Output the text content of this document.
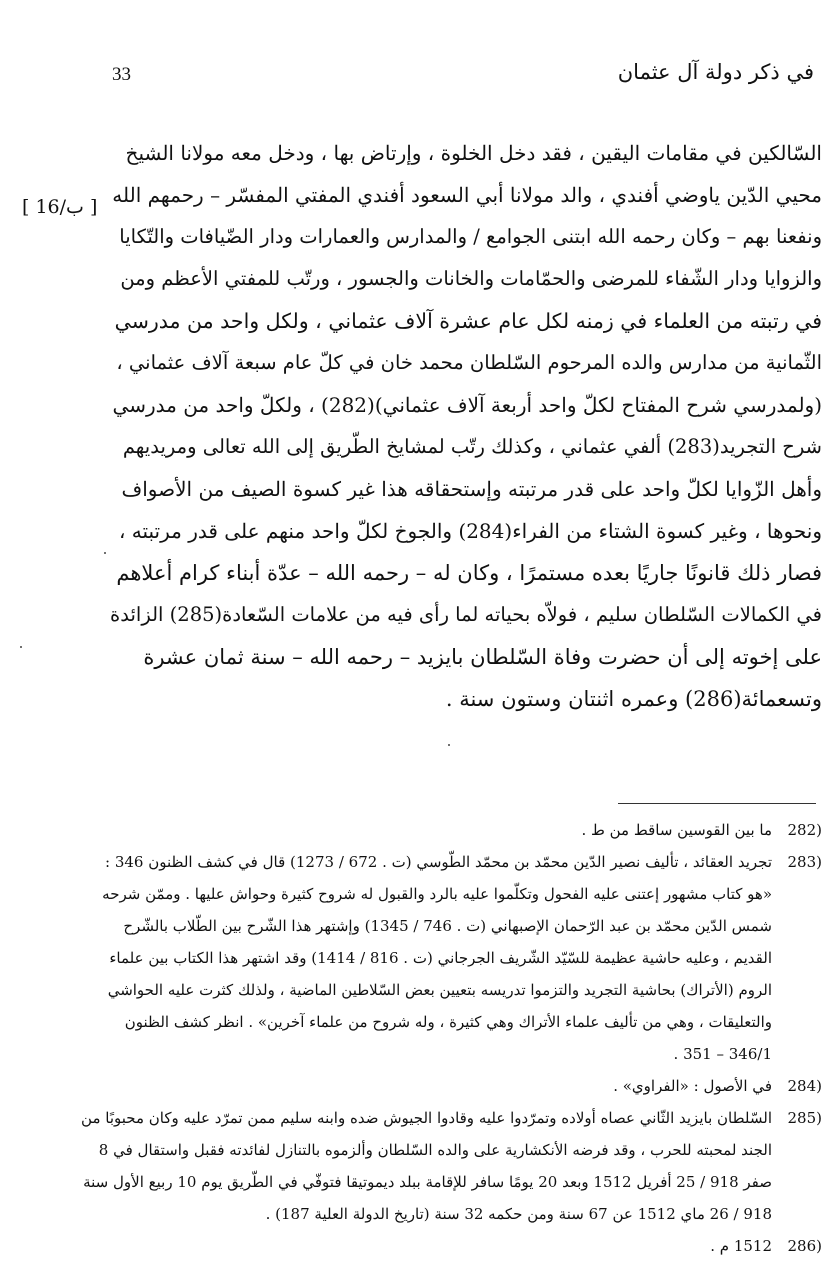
في ذكر دولة آل عثمان
33
[ 16/ب ]
السّالكين في مقامات اليقين ، فقد دخل الخلوة ، وإرتاض بها ، ودخل معه مولانا الشيخ
محيي الدّين ياوضي أفندي ، والد مولانا أبي السعود أفندي المفتي المفسّر – رحمهم الله
ونفعنا بهم – وكان رحمه الله ابتنى الجوامع / والمدارس والعمارات ودار الضّيافات والتّكايا
والزوايا ودار الشّفاء للمرضى والحمّامات والخانات والجسور ، ورتّب للمفتي الأعظم ومن
في رتبته من العلماء في زمنه لكل عام عشرة آلاف عثماني ، ولكل واحد من مدرسي
الثّمانية من مدارس والده المرحوم السّلطان محمد خان في كلّ عام سبعة آلاف عثماني ،
(ولمدرسي شرح المفتاح لكلّ واحد أربعة آلاف عثماني)(282) ، ولكلّ واحد من مدرسي
شرح التجريد(283) ألفي عثماني ، وكذلك رتّب لمشايخ الطّريق إلى الله تعالى ومريديهم
وأهل الزّوايا لكلّ واحد على قدر مرتبته وإستحقاقه هذا غير كسوة الصيف من الأصواف
ونحوها ، وغير كسوة الشتاء من الفراء(284) والجوخ لكلّ واحد منهم على قدر مرتبته ،
فصار ذلك قانونًا جاريًا بعده مستمرًا ، وكان له – رحمه الله – عدّة أبناء كرام أعلاهم
في الكمالات السّلطان سليم ، فولاّه بحياته لما رأى فيه من علامات السّعادة(285) الزائدة
على إخوته إلى أن حضرت وفاة السّلطان بايزيد – رحمه الله – سنة ثمان عشرة
وتسعمائة(286) وعمره اثنتان وستون سنة .
282)
ما بين القوسين ساقط من ط .
283)
تجريد العقائد ، تأليف نصير الدّين محمّد بن محمّد الطّوسي (ت . 672 / 1273) قال في كشف الظنون 346 :
«هو كتاب مشهور إعتنى عليه الفحول وتكلّموا عليه بالرد والقبول له شروح كثيرة وحواش عليها . وممّن شرحه
شمس الدّين محمّد بن عبد الرّحمان الإصبهاني (ت . 746 / 1345) وإشتهر هذا الشّرح بين الطّلاب بالشّرح
القديم ، وعليه حاشية عظيمة للسّيّد الشّريف الجرجاني (ت . 816 / 1414) وقد اشتهر هذا الكتاب بين علماء
الروم (الأتراك) بحاشية التجريد والتزموا تدريسه بتعيين بعض السّلاطين الماضية ، ولذلك كثرت عليه الحواشي
والتعليقات ، وهي من تأليف علماء الأتراك وهي كثيرة ، وله شروح من علماء آخرين» . انظر كشف الظنون
346/1 – 351 .
284)
في الأصول : «الفراوي» .
285)
السّلطان بايزيد الثّاني عصاه أولاده وتمرّدوا عليه وقادوا الجيوش ضده وابنه سليم ممن تمرّد عليه وكان محبوبًا من
الجند لمحبته للحرب ، وقد فرضه الأنكشارية على والده السّلطان وألزموه بالتنازل لفائدته فقبل واستقال في 8
صفر 918 / 25 أفريل 1512 وبعد 20 يومًا سافر للإقامة ببلد ديموتيقا فتوفّي في الطّريق يوم 10 ربيع الأول سنة
918 / 26 ماي 1512 عن 67 سنة ومن حكمه 32 سنة (تاريخ الدولة العلية 187) .
286)
1512 م .
